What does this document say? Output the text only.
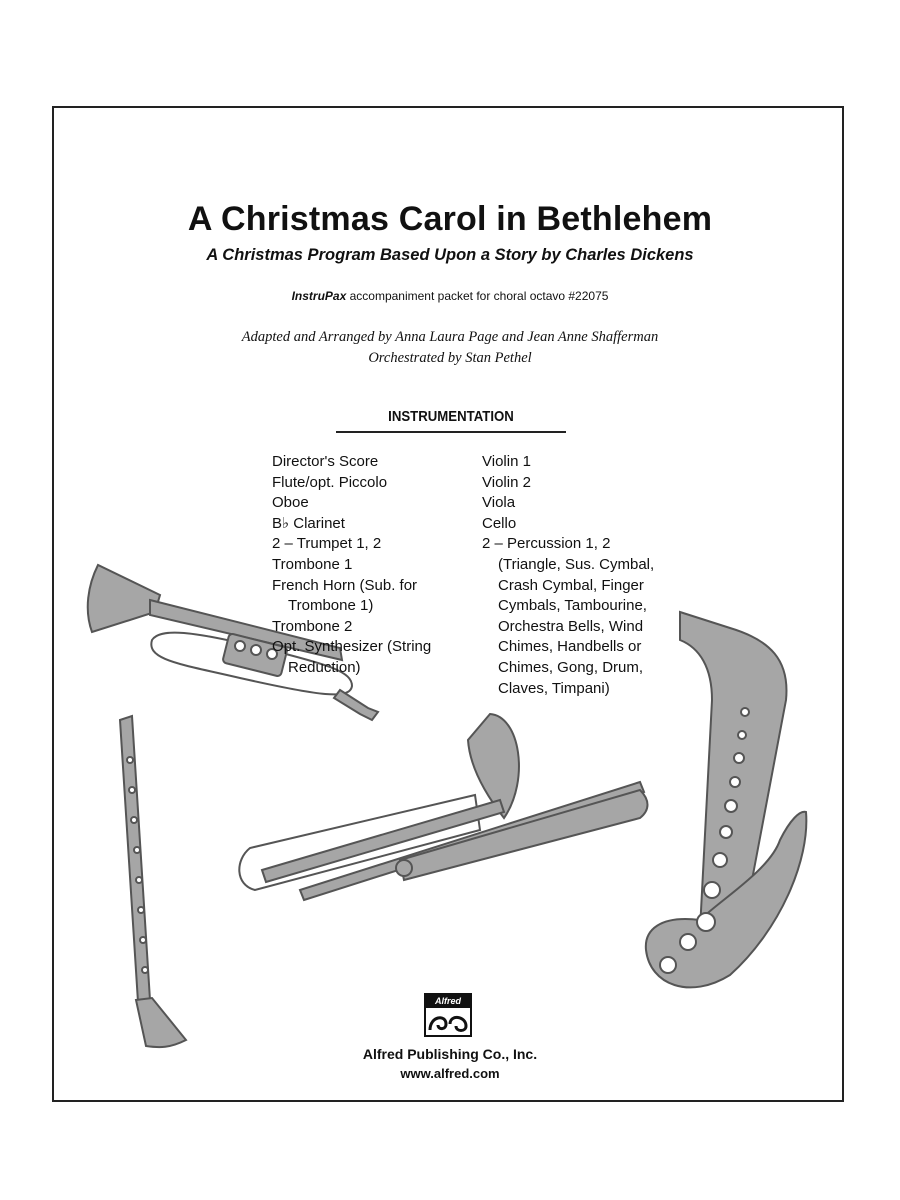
A Christmas Carol in Bethlehem
A Christmas Program Based Upon a Story by Charles Dickens
InstruPax accompaniment packet for choral octavo #22075
Adapted and Arranged by Anna Laura Page and Jean Anne Shafferman
Orchestrated by Stan Pethel
INSTRUMENTATION
Director's Score
Flute/opt. Piccolo
Oboe
B♭ Clarinet
2 – Trumpet 1, 2
Trombone 1
French Horn (Sub. for
Trombone 1)
Trombone 2
Opt. Synthesizer (String
Reduction)
Violin 1
Violin 2
Viola
Cello
2 – Percussion 1, 2
(Triangle, Sus. Cymbal,
Crash Cymbal, Finger
Cymbals, Tambourine,
Orchestra Bells, Wind
Chimes, Handbells or
Chimes, Gong, Drum,
Claves, Timpani)
Alfred
Alfred Publishing Co., Inc.
www.alfred.com
